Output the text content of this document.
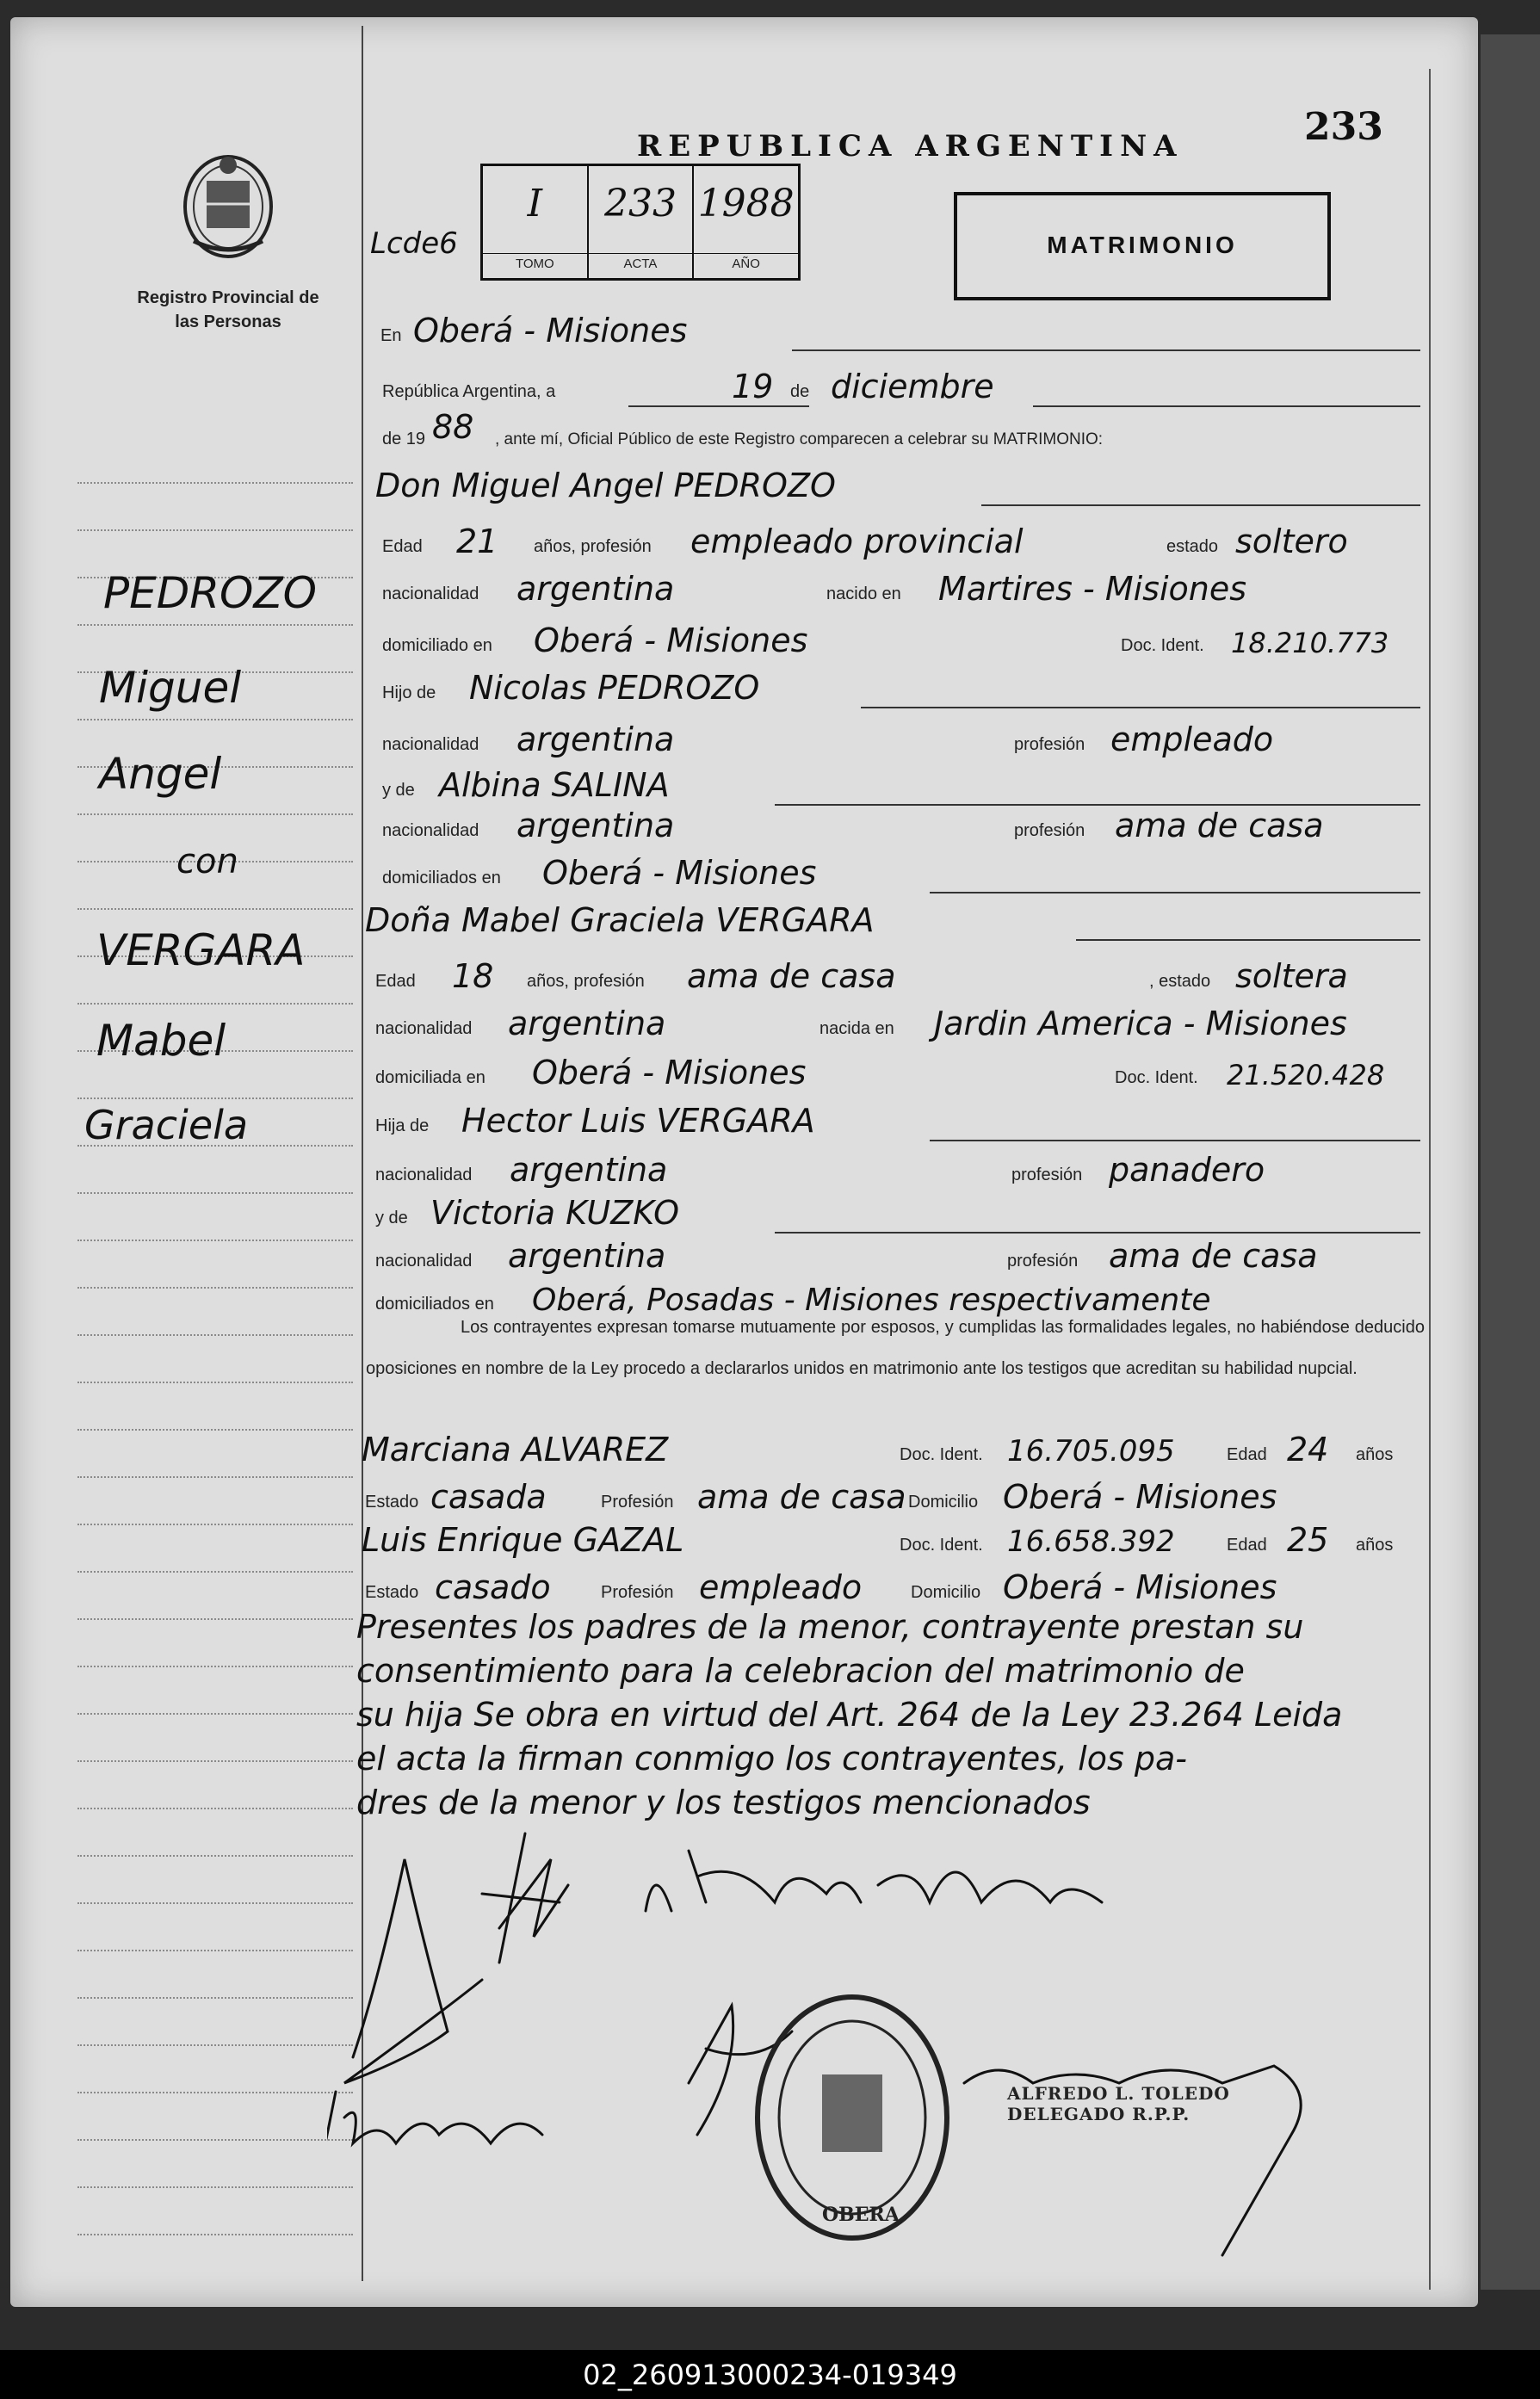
Registro Provincial de las Personas
REPUBLICA ARGENTINA	233
Lcde6
I
TOMO
233
ACTA
1988
AÑO
MATRIMONIO
PEDROZO
Miguel
Angel
con
VERGARA
Mabel
Graciela
En Oberá - Misiones
República Argentina, a	19 de diciembre
de 19 88 , ante mí, Oficial Público de este Registro comparecen a celebrar su MATRIMONIO:
Don Miguel Angel PEDROZO
Edad 21 años, profesión empleado provincial	estado soltero
nacionalidad argentina	nacido en Martires - Misiones
domiciliado en Oberá - Misiones	Doc. Ident. 18.210.773
Hijo de Nicolas PEDROZO
nacionalidad argentina	profesión empleado
y de Albina SALINA
nacionalidad argentina	profesión ama de casa
domiciliados en Oberá - Misiones
Doña Mabel Graciela VERGARA
Edad 18 años, profesión ama de casa	, estado soltera
nacionalidad argentina	nacida en Jardin America - Misiones
domiciliada en Oberá - Misiones	Doc. Ident. 21.520.428
Hija de Hector Luis VERGARA
nacionalidad argentina	profesión panadero
y de Victoria KUZKO
nacionalidad argentina	profesión ama de casa
domiciliados en Oberá, Posadas - Misiones respectivamente
Los contrayentes expresan tomarse mutuamente por esposos, y cumplidas las formalidades legales, no habiéndose deducido oposiciones en nombre de la Ley procedo a declararlos unidos en matrimonio ante los testigos que acreditan su habilidad nupcial.
Marciana ALVAREZ	Doc. Ident. 16.705.095	Edad 24 años
Estado casada	Profesión ama de casa Domicilio Oberá - Misiones
Luis Enrique GAZAL	Doc. Ident. 16.658.392	Edad 25 años
Estado casado	Profesión empleado	Domicilio Oberá - Misiones
Presentes los padres de la menor, contrayente prestan su
consentimiento para la celebracion del matrimonio de
su hija Se obra en virtud del Art. 264 de la Ley 23.264 Leida
el acta la firman conmigo los contrayentes, los pa-
dres de la menor y los testigos mencionados
OBERA
ALFREDO L. TOLEDO
DELEGADO R.P.P.
02_260913000234-019349
